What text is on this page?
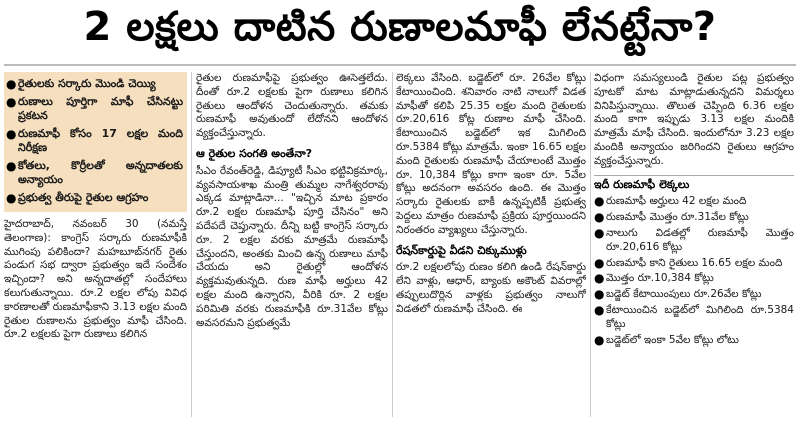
2 లక్షలు దాటిన రుణాలమాఫీ లేనట్టేనా?
● రైతులకు సర్కారు మొండి చెయ్యి
● రుణాలు పూర్తిగా మాఫీ చేసినట్టు ప్రకటన
● రుణమాఫీ కోసం 17 లక్షల మంది నిరీక్షణ
● కోతలు, కొర్రీలతో అన్నదాతలకు అన్యాయం
● ప్రభుత్వ తీరుపై రైతుల ఆగ్రహం

హైదరాబాద్, నవంబర్ 30 (నమస్తే తెలంగాణ): కాంగ్రెస్ సర్కారు రుణమాఫీకి ముగింపు పలికిందా? మహబూబ్‌నగర్ రైతు పండుగ సభ ద్వారా ప్రభుత్వం ఇదే సందేశం ఇచ్చిందా? అని అన్నదాతల్లో సందేహాలు కలుగుతున్నాయి. రూ.2 లక్షల లోపు వివిధ కారణాలతో రుణమాఫీకాని 3.13 లక్షల మంది రైతుల రుణాలను ప్రభుత్వం మాఫీ చేసింది. రూ.2 లక్షలకు పైగా రుణాలు కలిగిన

రైతుల రుణమాఫీపై ప్రభుత్వం ఊసెత్తలేదు. దీంతో రూ.2 లక్షలకు పైగా రుణాలు కలిగిన రైతులు ఆందోళన చెందుతున్నారు. తమకు రుణమాఫీ అవుతుందో లేదోనని ఆందోళన వ్యక్తంచేస్తున్నారు.

ఆ రైతుల సంగతి అంతేనా?

సీఎం రేవంత్‌రెడ్డి, డిప్యూటీ సీఎం భట్టివిక్రమార్క, వ్యవసాయశాఖ మంత్రి తుమ్మల నాగేశ్వరరావు ఎక్కడ మాట్లాడినా... "ఇచ్చిన మాట ప్రకారం రూ.2 లక్షల రుణమాఫీ పూర్తి చేసినం" అని పదేపదే చెప్తున్నారు. దీన్ని బట్టి కాంగ్రెస్ సర్కారు రూ. 2 లక్షల వరకు మాత్రమే రుణమాఫీ చేస్తుందని, అంతకు మించి ఉన్న రుణాలు మాఫీ చేయదు అని రైతుల్లో ఆందోళన వ్యక్తమవుతున్నది. రుణ మాఫీ అర్హులు 42 లక్షల మంది ఉన్నారని, వీరికి రూ. 2 లక్షల పరిమితి వరకు రుణమాఫీకి రూ.31వేల కోట్లు అవసరమని ప్రభుత్వమే

లెక్కలు వేసింది. బడ్జెట్‌లో రూ. 26వేల కోట్లు కేటాయించింది. శనివారం నాటి నాలుగో విడత మాఫీతో కలిపి 25.35 లక్షల మంది రైతులకు రూ.20,616 కోట్ల రుణాల మాఫీ చేసింది. కేటాయించిన బడ్జెట్‌లో ఇక మిగిలింది రూ.5384 కోట్లు మాత్రమే. ఇంకా 16.65 లక్షల మంది రైతులకు రుణమాఫీ చేయాలంటే మొత్తం రూ. 10,384 కోట్లు కాగా ఇంకా రూ. 5వేల కోట్లు అదనంగా అవసరం ఉంది. ఈ మొత్తం సర్కారు రైతులకు బాకీ ఉన్నప్పటికీ ప్రభుత్వ పెద్దలు మాత్రం రుణమాఫీ ప్రక్రియ పూర్తయిందని నిరంతరం వ్యాఖ్యలు చేస్తున్నారు.

రేషన్‌కార్డుపై వీడని చిక్కుముళ్లు

రూ.2 లక్షలలోపు రుణం కలిగి ఉండి రేషన్‌కార్డు లేని వాళ్లు, ఆధార్, బ్యాంకు అకౌంట్ వివరాల్లో తప్పులుదొర్లిన వాళ్లకు ప్రభుత్వం నాలుగో విడతలో రుణమాఫీ చేసింది. ఈ

విధంగా సమస్యలుండి రైతుల పట్ల ప్రభుత్వం పూటకో మాట మాట్లాడుతున్నదని విమర్శలు వినిపిస్తున్నాయి. తొలుత చెప్పింది 6.36 లక్షల మంది కాగా ఇప్పుడు 3.13 లక్షల మందికి మాత్రమే మాఫీ చేసింది. ఇందులోనూ 3.23 లక్షల మందికి అన్యాయం జరిగిందని రైతులు ఆగ్రహం వ్యక్తంచేస్తున్నారు.

ఇదీ రుణమాఫీ లెక్కలు
● రుణమాఫీ అర్హులు 42 లక్షల మంది
● రుణమాఫీ మొత్తం రూ.31వేల కోట్లు
● నాలుగు విడతల్లో రుణమాఫీ మొత్తం రూ.20,616 కోట్లు
● రుణమాఫీ కాని రైతులు 16.65 లక్షల మంది
● మొత్తం రూ.10,384 కోట్లు
● బడ్జెట్ కేటాయింపులు రూ.26వేల కోట్లు
● కేటాయించిన బడ్జెట్‌లో మిగిలింది రూ.5384 కోట్లు
● బడ్జెట్‌లో ఇంకా 5వేల కోట్లు లోటు
